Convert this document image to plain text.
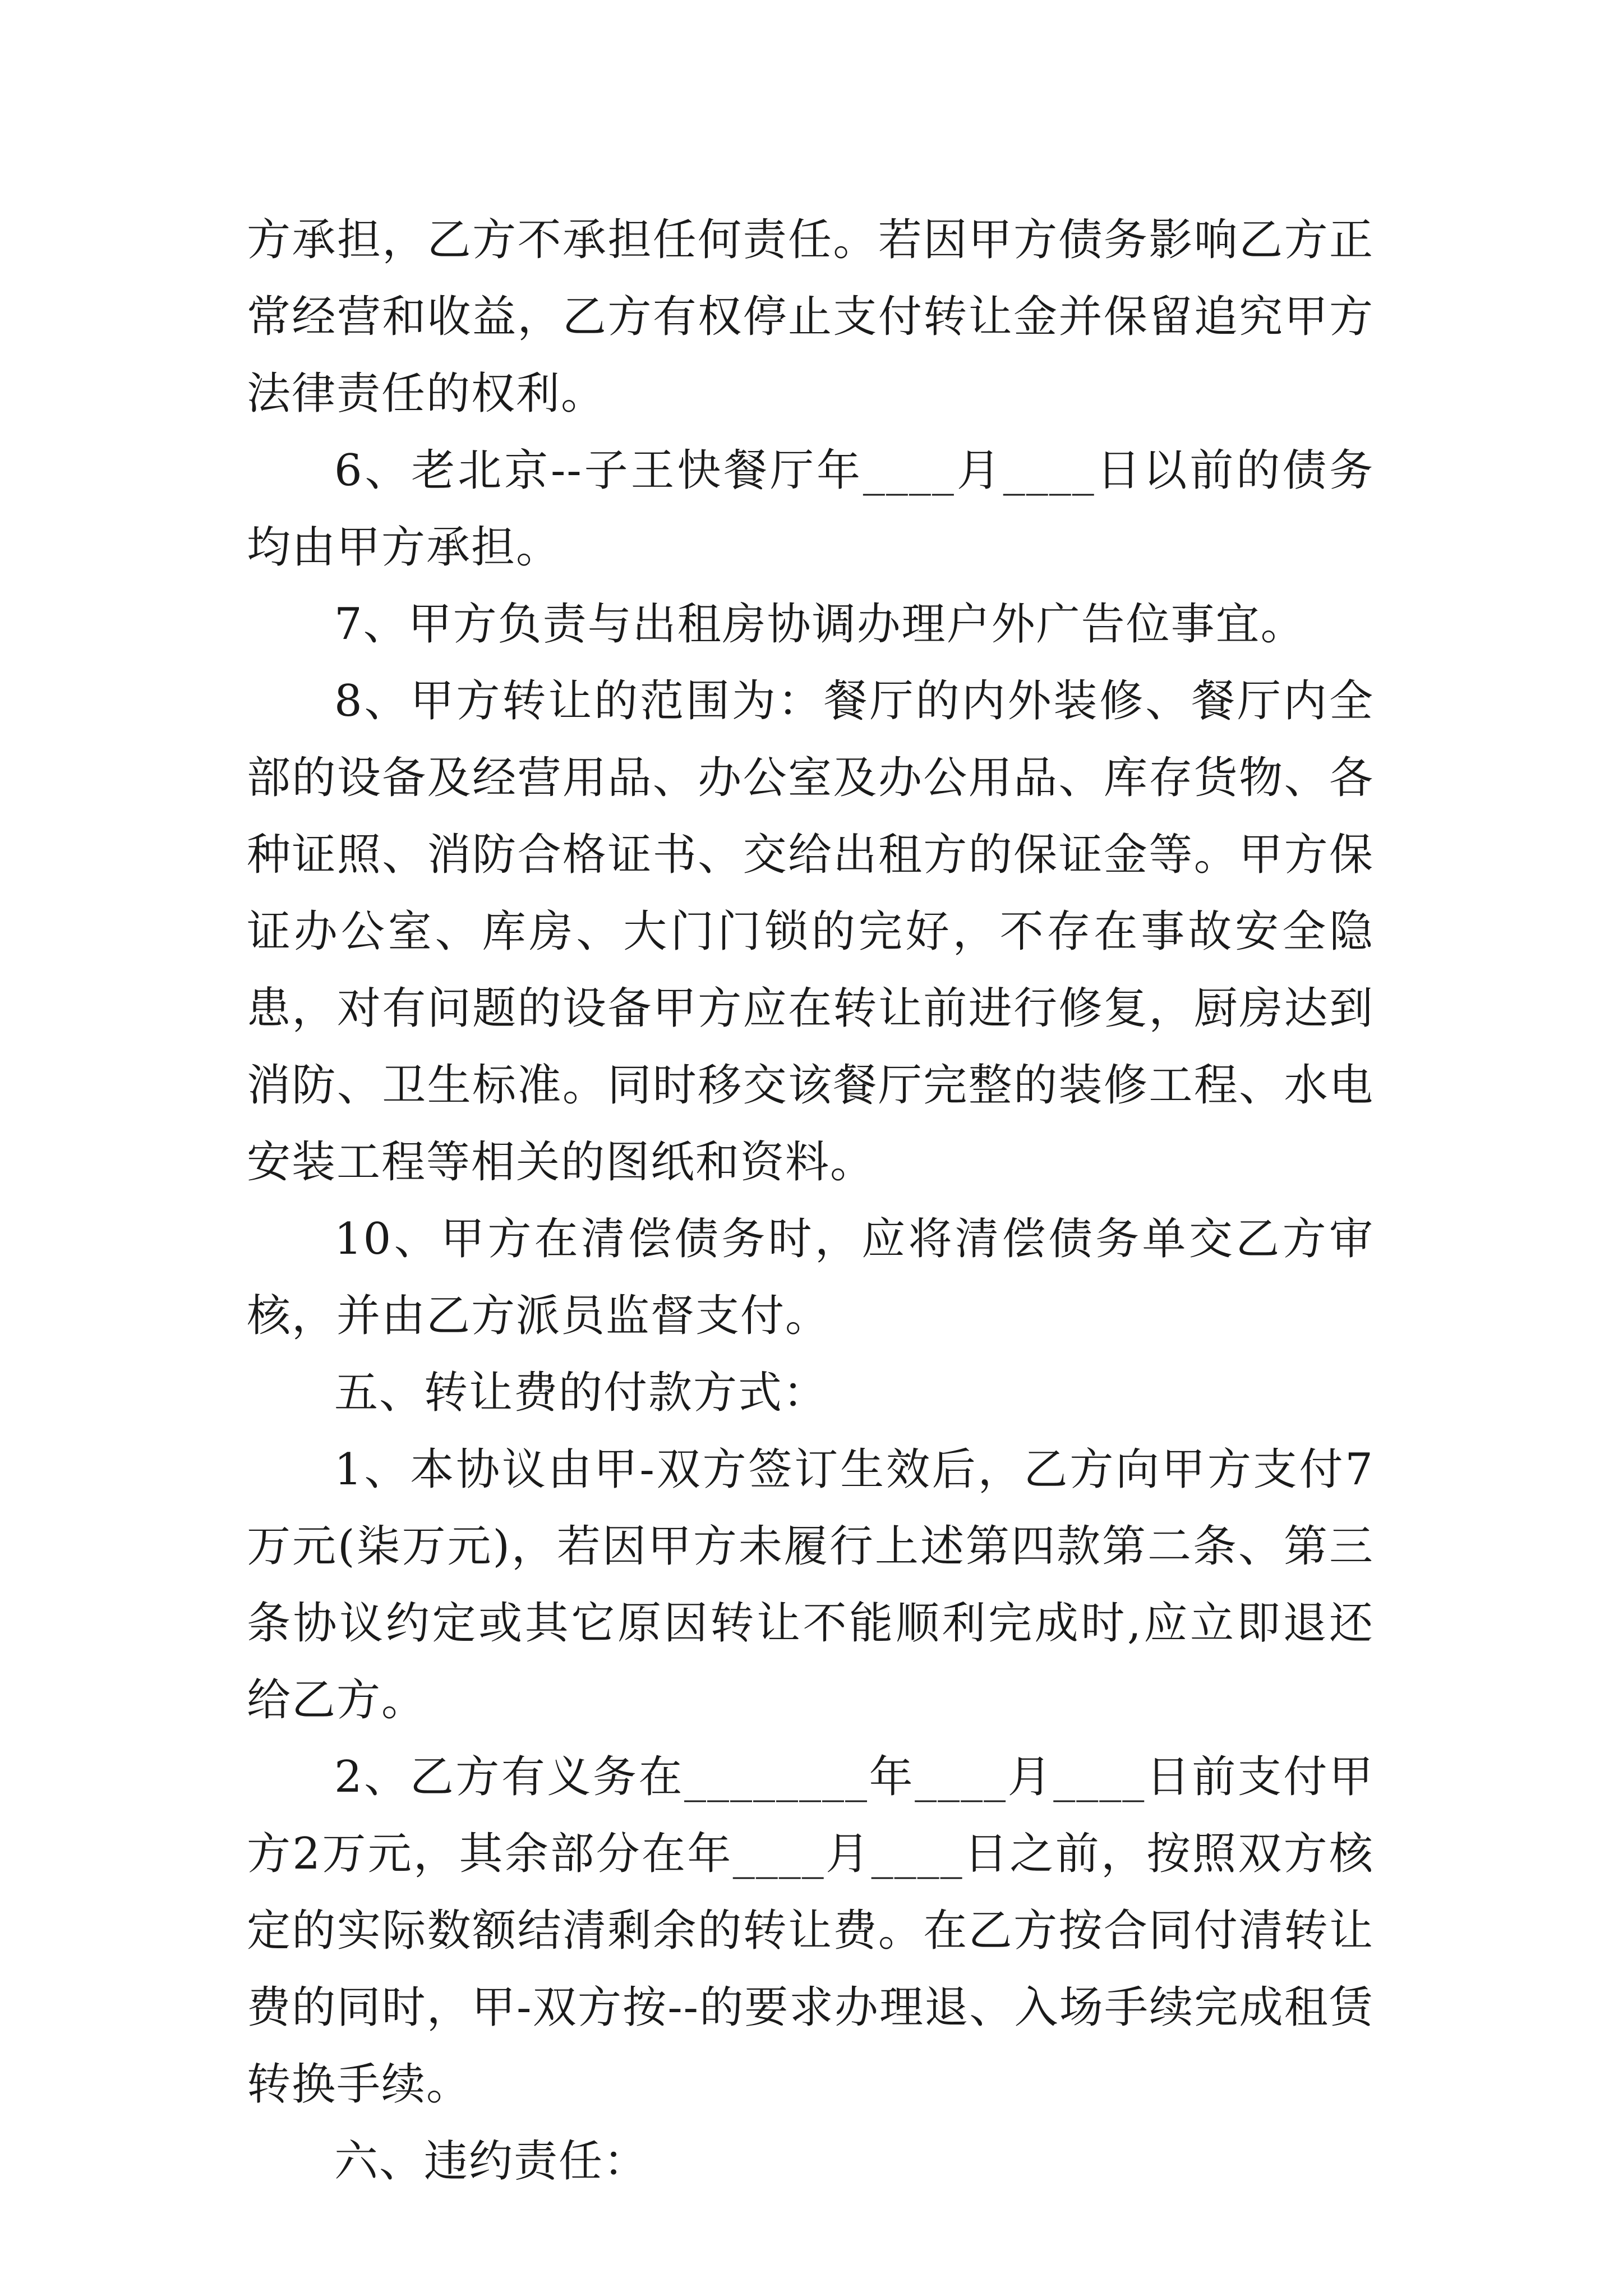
方承担，乙方不承担任何责任。若因甲方债务影响乙方正常经营和收益，乙方有权停止支付转让金并保留追究甲方法律责任的权利。

6、老北京--子王快餐厅年____月____日以前的债务均由甲方承担。

7、甲方负责与出租房协调办理户外广告位事宜。

8、甲方转让的范围为：餐厅的内外装修、餐厅内全部的设备及经营用品、办公室及办公用品、库存货物、各种证照、消防合格证书、交给出租方的保证金等。甲方保证办公室、库房、大门门锁的完好，不存在事故安全隐患，对有问题的设备甲方应在转让前进行修复，厨房达到消防、卫生标准。同时移交该餐厅完整的装修工程、水电安装工程等相关的图纸和资料。

10、甲方在清偿债务时，应将清偿债务单交乙方审核，并由乙方派员监督支付。

五、转让费的付款方式：

1、本协议由甲-双方签订生效后，乙方向甲方支付7万元(柒万元)，若因甲方未履行上述第四款第二条、第三条协议约定或其它原因转让不能顺利完成时,应立即退还给乙方。

2、乙方有义务在________年____月____日前支付甲方2万元，其余部分在年____月____日之前，按照双方核定的实际数额结清剩余的转让费。在乙方按合同付清转让费的同时，甲-双方按--的要求办理退、入场手续完成租赁转换手续。

六、违约责任：
